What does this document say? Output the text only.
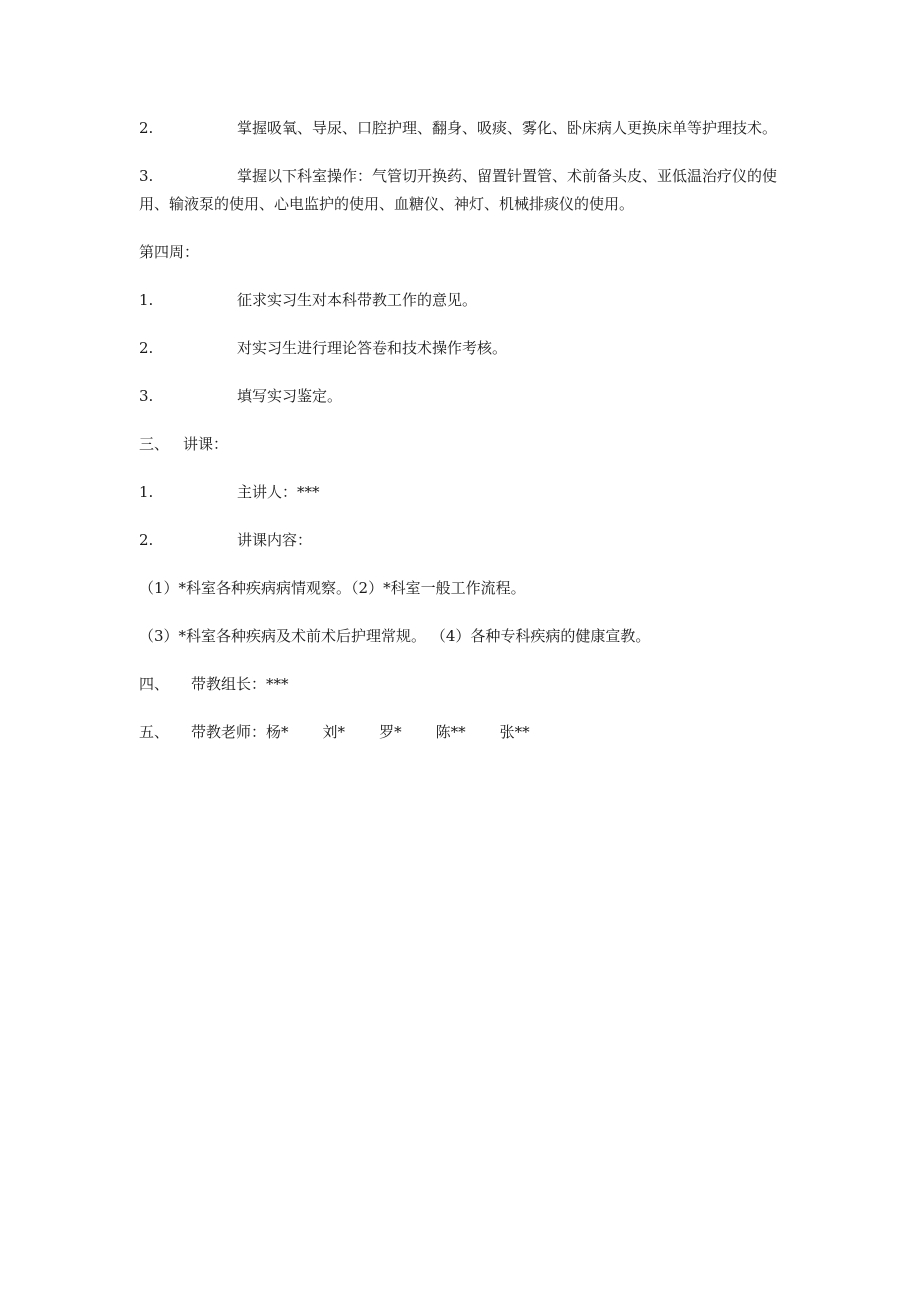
2.	掌握吸氧、导尿、口腔护理、翻身、吸痰、雾化、卧床病人更换床单等护理技术。
3.	掌握以下科室操作：气管切开换药、留置针置管、术前备头皮、亚低温治疗仪的使用、输液泵的使用、心电监护的使用、血糖仪、神灯、机械排痰仪的使用。

第四周：

1.	征求实习生对本科带教工作的意见。
2.	对实习生进行理论答卷和技术操作考核。
3.	填写实习鉴定。
三、 讲课：
1.	主讲人：***
2.	讲课内容：

（1）*科室各种疾病病情观察。（2）*科室一般工作流程。

（3）*科室各种疾病及术前术后护理常规。 （4）各种专科疾病的健康宣教。

四、 带教组长：***
五、 带教老师： 杨* 刘* 罗* 陈** 张**
